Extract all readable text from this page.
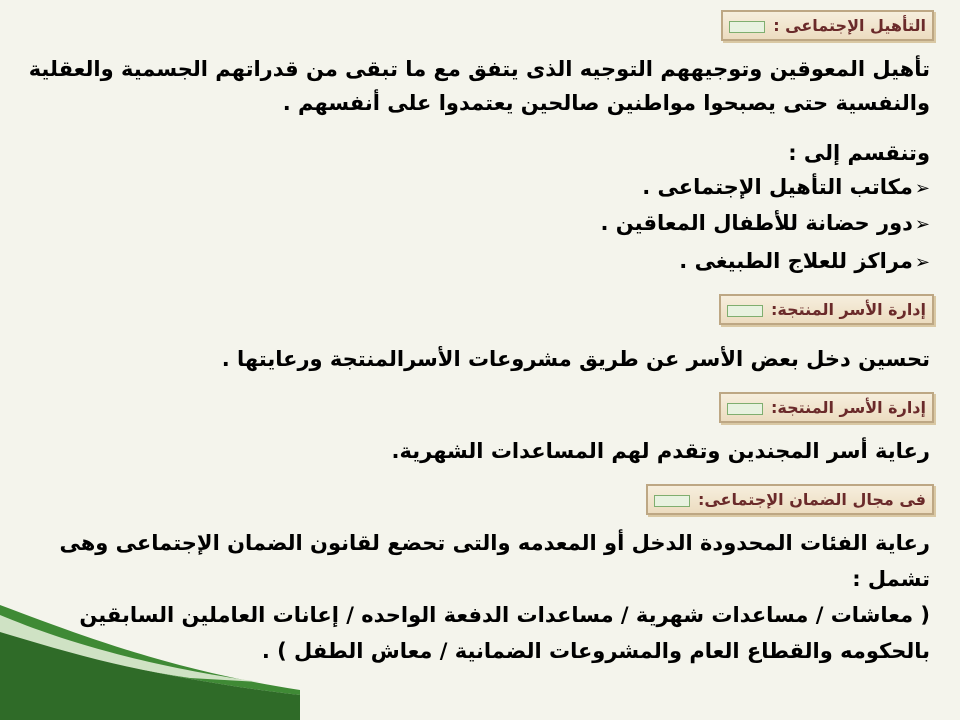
التأهيل الإجتماعى :
تأهيل المعوقين وتوجيههم التوجيه الذى يتفق مع ما تبقى من قدراتهم الجسمية والعقلية
والنفسية حتى يصبحوا مواطنين صالحين يعتمدوا على أنفسهم .
وتنقسم إلى :
➢مكاتب التأهيل الإجتماعى .
➢دور حضانة للأطفال المعاقين .
➢مراكز للعلاج الطبيغى .
إدارة الأسر المنتجة:
تحسين دخل بعض الأسر عن طريق مشروعات الأسرالمنتجة ورعايتها .
إدارة الأسر المنتجة:
رعاية أسر المجندين وتقدم لهم المساعدات الشهرية.
فى مجال الضمان الإجتماعى:
رعاية الفئات المحدودة الدخل أو المعدمه والتى تحضع لقانون الضمان الإجتماعى وهى
تشمل :
( معاشات / مساعدات شهرية / مساعدات الدفعة الواحده / إعانات العاملين السابقين
بالحكومه والقطاع العام والمشروعات الضمانية / معاش الطفل ) .
